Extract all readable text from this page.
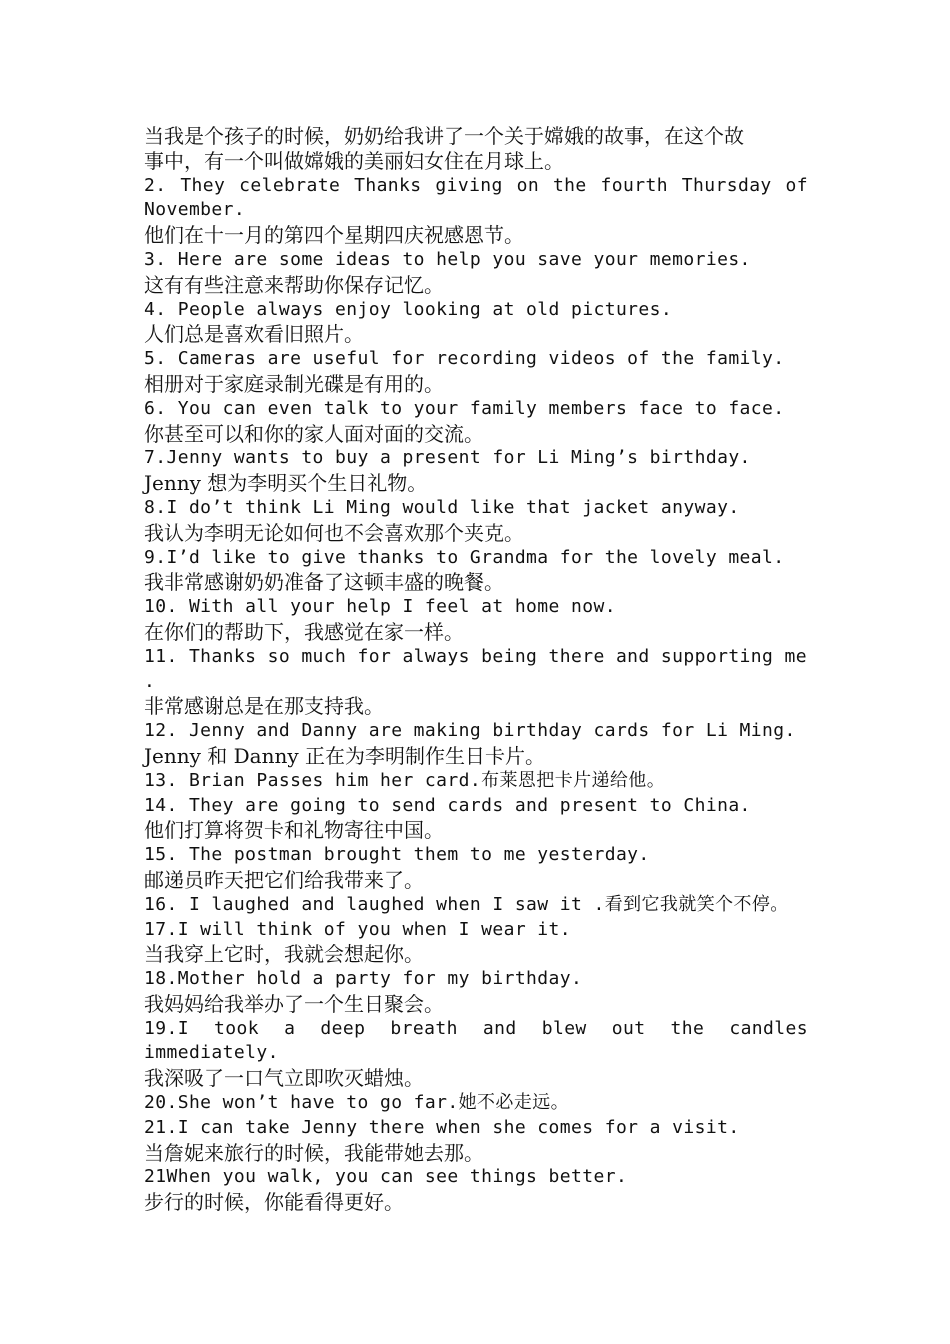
当我是个孩子的时候，奶奶给我讲了一个关于嫦娥的故事，在这个故
事中，有一个叫做嫦娥的美丽妇女住在月球上。
2. They celebrate Thanks giving on the fourth Thursday of
November.
他们在十一月的第四个星期四庆祝感恩节。
3. Here are some ideas to help you save your memories.
这有有些注意来帮助你保存记忆。
4. People always enjoy looking at old pictures.
人们总是喜欢看旧照片。
5. Cameras are useful for recording videos of the family.
相册对于家庭录制光碟是有用的。
6. You can even talk to your family members face to face.
你甚至可以和你的家人面对面的交流。
7.Jenny wants to buy a present for Li Ming’s birthday.
Jenny 想为李明买个生日礼物。
8.I do’t think Li Ming would like that jacket anyway.
我认为李明无论如何也不会喜欢那个夹克。
9.I’d like to give thanks to Grandma for the lovely meal.
我非常感谢奶奶准备了这顿丰盛的晚餐。
10. With all your help I feel at home now.
在你们的帮助下，我感觉在家一样。
11. Thanks so much for always being there and supporting me
.
非常感谢总是在那支持我。
12. Jenny and Danny are making birthday cards for Li Ming.
Jenny 和 Danny 正在为李明制作生日卡片。
13. Brian Passes him her card.布莱恩把卡片递给他。
14. They are going to send cards and present to China.
他们打算将贺卡和礼物寄往中国。
15. The postman brought them to me yesterday.
邮递员昨天把它们给我带来了。
16. I laughed and laughed when I saw it .看到它我就笑个不停。
17.I will think of you when I wear it.
当我穿上它时，我就会想起你。
18.Mother hold a party for my birthday.
我妈妈给我举办了一个生日聚会。
19.I took a deep breath and blew out the candles
immediately.
我深吸了一口气立即吹灭蜡烛。
20.She won’t have to go far.她不必走远。
21.I can take Jenny there when she comes for a visit.
当詹妮来旅行的时候，我能带她去那。
21When you walk, you can see things better.
步行的时候，你能看得更好。
